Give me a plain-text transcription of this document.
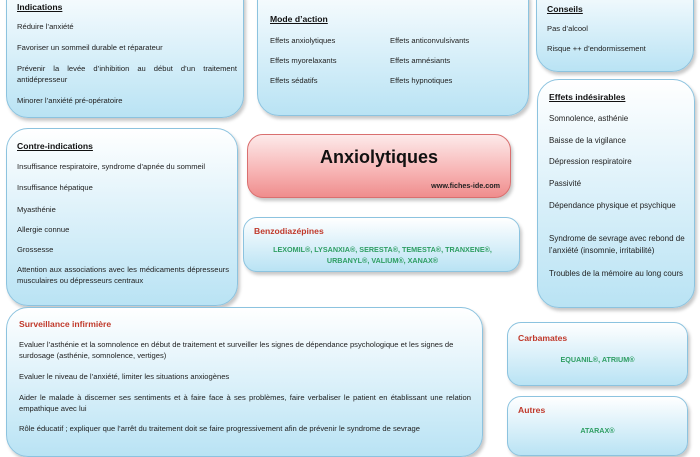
Indications
Réduire l’anxiété
Favoriser un sommeil durable et réparateur
Prévenir la levée d’inhibition au début d’un traitement antidépresseur
Minorer l’anxiété pré-opératoire
Mode d’action
Effets anxiolytiques
Effets myorelaxants
Effets sédatifs
Effets anticonvulsivants
Effets amnésiants
Effets hypnotiques
Conseils
Pas d’alcool
Risque ++ d’endormissement
Contre-indications
Insuffisance respiratoire, syndrome d’apnée du sommeil
Insuffisance hépatique
Myasthénie
Allergie connue
Grossesse
Attention aux associations avec les médicaments dépresseurs musculaires ou dépresseurs centraux
Anxiolytiques
www.fiches-ide.com
Benzodiazépines
LEXOMIL®, LYSANXIA®, SERESTA®, TEMESTA®, TRANXENE®, URBANYL®, VALIUM®, XANAX®
Effets indésirables
Somnolence, asthénie
Baisse de la vigilance
Dépression respiratoire
Passivité
Dépendance physique et psychique
Syndrome de sevrage avec rebond de l’anxiété (insomnie, irritabilité)
Troubles de la mémoire au long cours
Surveillance infirmière
Evaluer l’asthénie et la somnolence en début de traitement et surveiller les signes de dépendance psychologique et les signes de surdosage (asthénie, somnolence, vertiges)
Evaluer le niveau de l’anxiété, limiter les situations anxiogènes
Aider le malade à discerner ses sentiments et à faire face à ses problèmes, faire verbaliser le patient en établissant une relation empathique avec lui
Rôle éducatif ; expliquer que l’arrêt du traitement doit se faire progressivement afin de prévenir le syndrome de sevrage
Carbamates
EQUANIL®, ATRIUM®
Autres
ATARAX®
